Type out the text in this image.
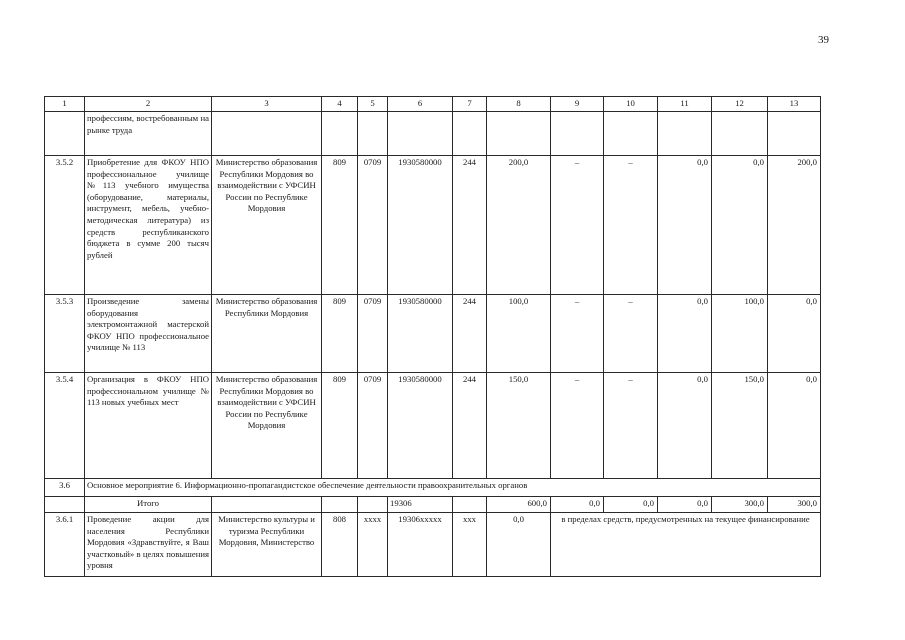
39
1	2	3	4	5	6	7	8	9	10	11	12	13
	профессиям, востребованным на рынке труда											
3.5.2	Приобретение для ФКОУ НПО профессиональное училище №113 учебного имущества (оборудование, материалы, инструмент, мебель, учебно-методическая литература) из средств республиканского бюджета в сумме 200 тысяч рублей	Министерство образования Республики Мордовия во взаимодействии с УФСИН России по Республике Мордовия	809	0709	1930580000	244	200,0	–	–	0,0	0,0	200,0
3.5.3	Произведение замены оборудования электромонтажной мастерской ФКОУ НПО профессиональное училище № 113	Министерство образования Республики Мордовия	809	0709	1930580000	244	100,0	–	–	0,0	100,0	0,0
3.5.4	Организация в ФКОУ НПО профессиональном училище № 113 новых учебных мест	Министерство образования Республики Мордовия во взаимодействии с УФСИН России по Республике Мордовия	809	0709	1930580000	244	150,0	–	–	0,0	150,0	0,0
3.6	Основное мероприятие 6. Информационно-пропагандистское обеспечение деятельности правоохранительных органов											
	Итого				19306		600,0	0,0	0,0	0,0	300,0	300,0
3.6.1	Проведение акции для населения Республики Мордовия «Здравствуйте, я Ваш участковый» в целях повышения уровня	Министерство культуры и туризма Республики Мордовия, Министерство	808	хххх	19306ххххх	ххх	0,0	в пределах средств, предусмотренных на текущее финансирование				
